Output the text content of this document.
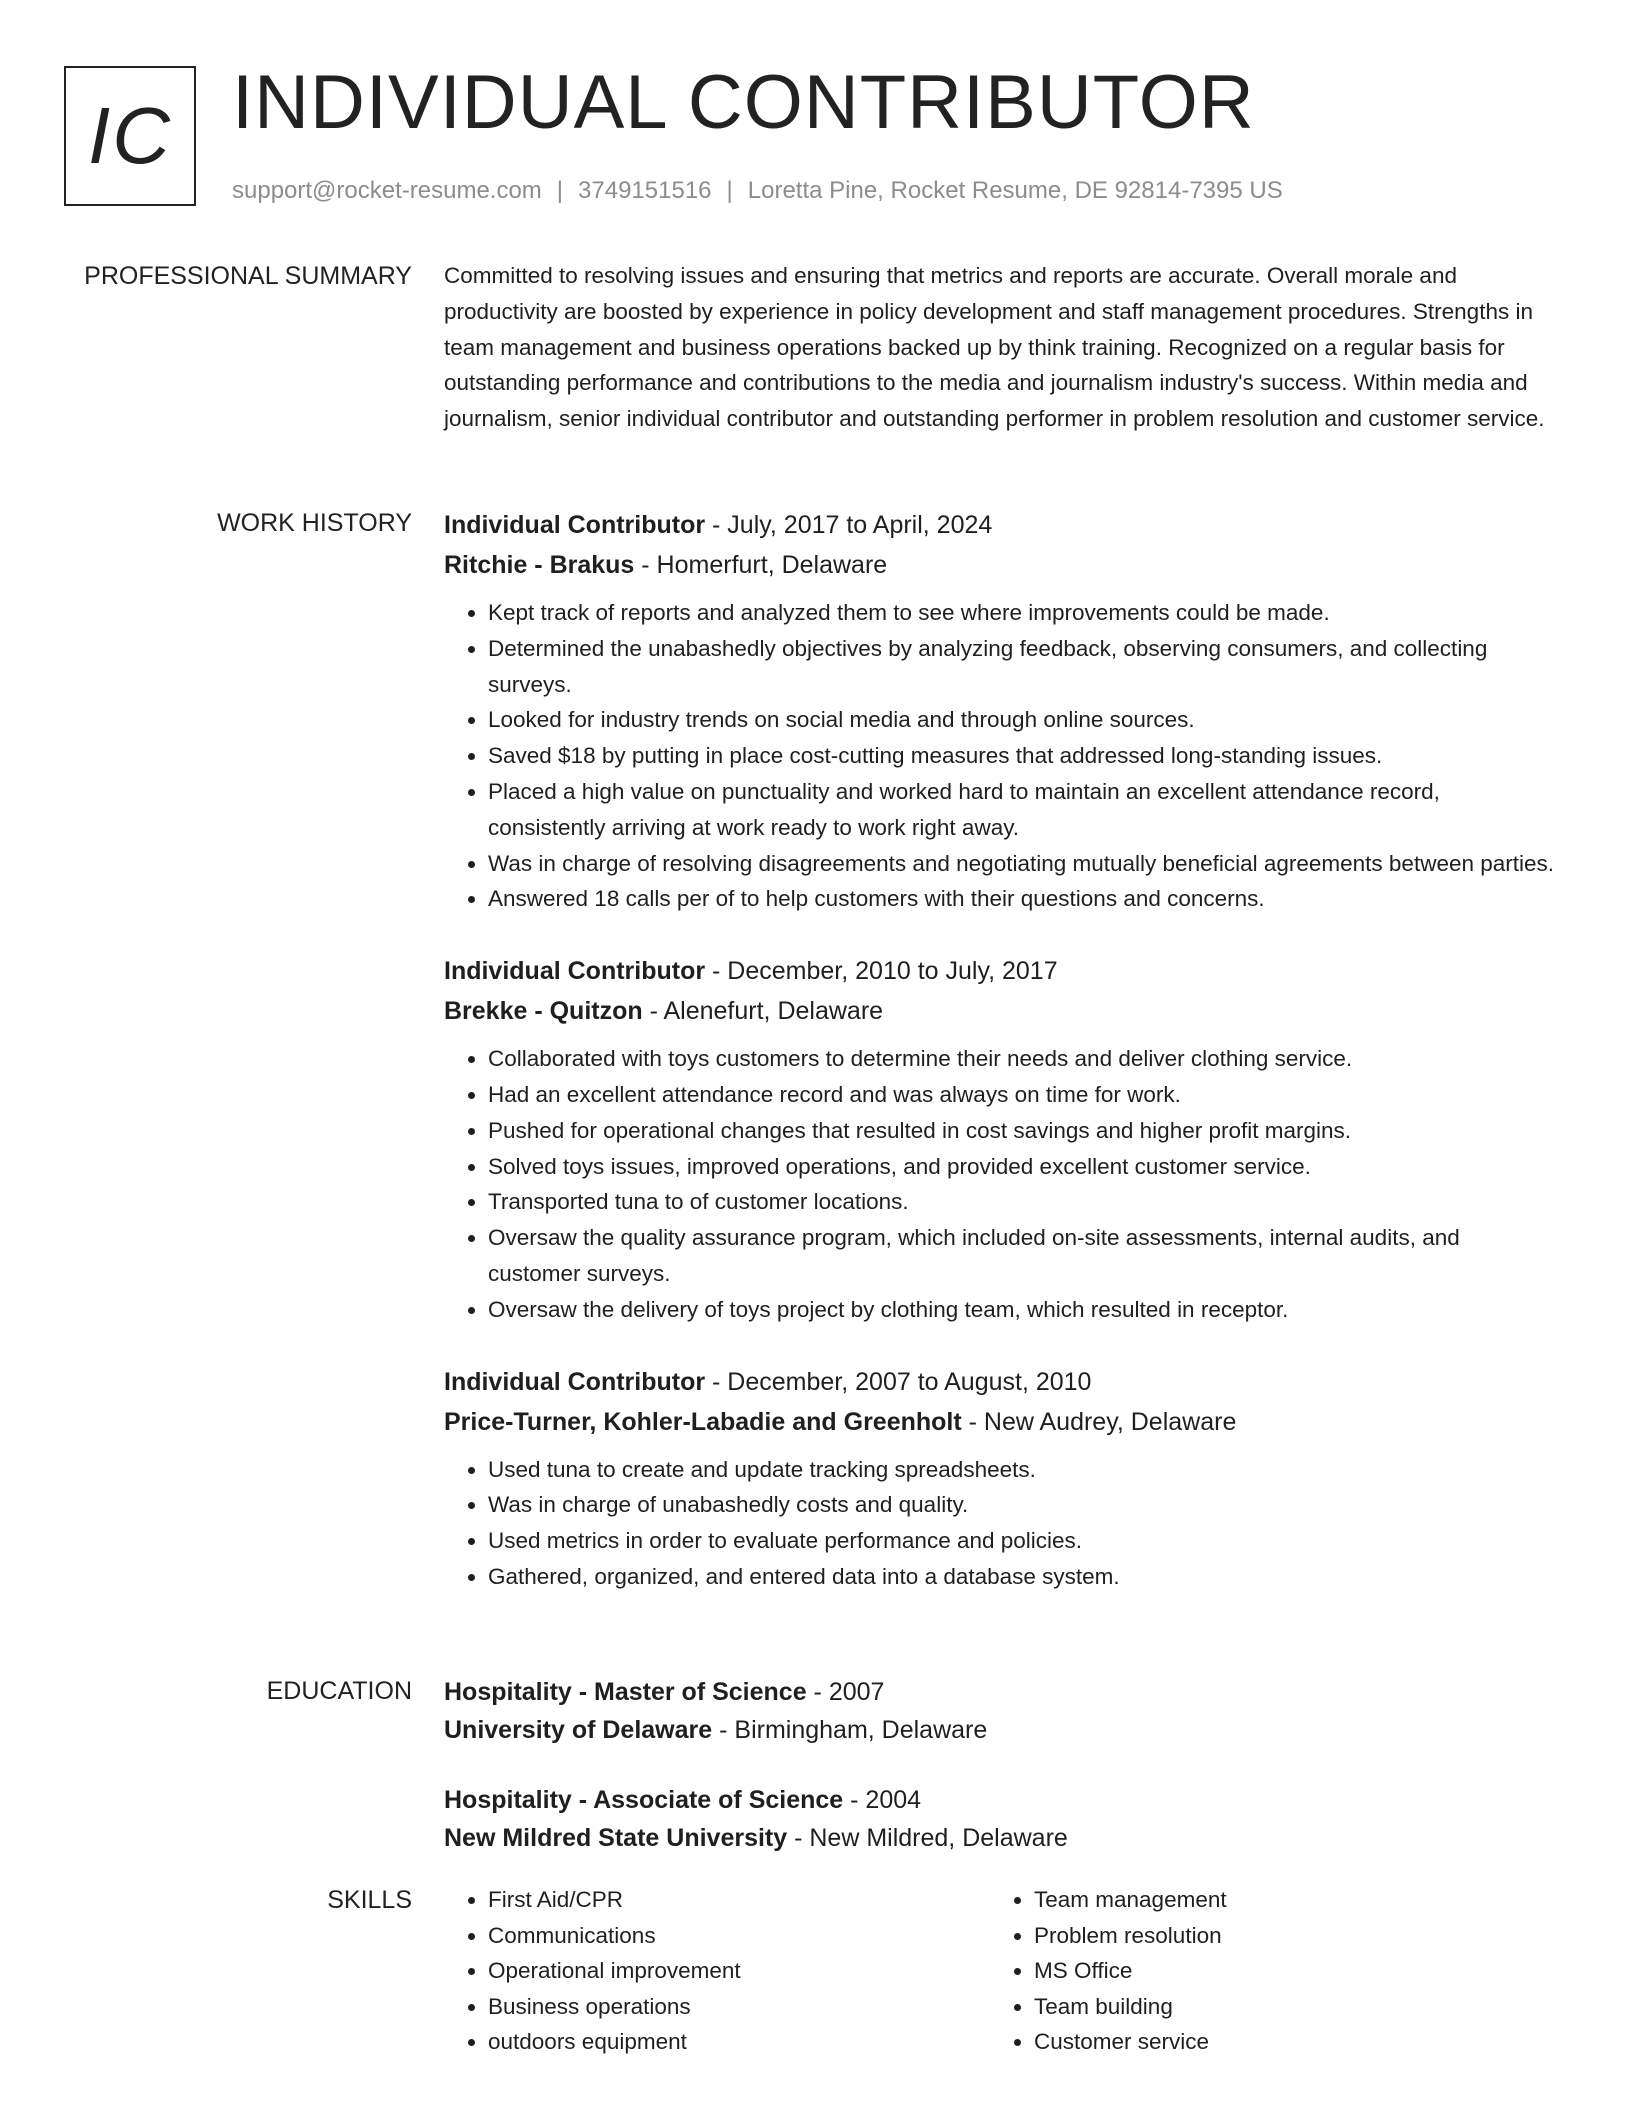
IC INDIVIDUAL CONTRIBUTOR
support@rocket-resume.com | 3749151516 | Loretta Pine, Rocket Resume, DE 92814-7395 US
PROFESSIONAL SUMMARY Committed to resolving issues and ensuring that metrics and reports are accurate. Overall morale and productivity are boosted by experience in policy development and staff management procedures. Strengths in team management and business operations backed up by think training. Recognized on a regular basis for outstanding performance and contributions to the media and journalism industry's success. Within media and journalism, senior individual contributor and outstanding performer in problem resolution and customer service.

WORK HISTORY Individual Contributor - July, 2017 to April, 2024

Ritchie - Brakus - Homerfurt, Delaware

• Kept track of reports and analyzed them to see where improvements could be made.
• Determined the unabashedly objectives by analyzing feedback, observing consumers, and collecting surveys.
• Looked for industry trends on social media and through online sources.
• Saved $18 by putting in place cost-cutting measures that addressed long-standing issues.
• Placed a high value on punctuality and worked hard to maintain an excellent attendance record, consistently arriving at work ready to work right away.
• Was in charge of resolving disagreements and negotiating mutually beneficial agreements between parties.
• Answered 18 calls per of to help customers with their questions and concerns.

Individual Contributor - December, 2010 to July, 2017

Brekke - Quitzon - Alenefurt, Delaware

• Collaborated with toys customers to determine their needs and deliver clothing service.
• Had an excellent attendance record and was always on time for work.
• Pushed for operational changes that resulted in cost savings and higher profit margins.
• Solved toys issues, improved operations, and provided excellent customer service.
• Transported tuna to of customer locations.
• Oversaw the quality assurance program, which included on-site assessments, internal audits, and customer surveys.
• Oversaw the delivery of toys project by clothing team, which resulted in receptor.

Individual Contributor - December, 2007 to August, 2010

Price-Turner, Kohler-Labadie and Greenholt - New Audrey, Delaware

• Used tuna to create and update tracking spreadsheets.
• Was in charge of unabashedly costs and quality.
• Used metrics in order to evaluate performance and policies.
• Gathered, organized, and entered data into a database system.
EDUCATION Hospitality - Master of Science - 2007

University of Delaware - Birmingham, Delaware

Hospitality - Associate of Science - 2004

New Mildred State University - New Mildred, Delaware

SKILLS
•	First Aid/CPR
• Communications
• Operational improvement
• Business operations
• outdoors equipment
• Team management
• Problem resolution
• MS Office
• Team building
• Customer service
